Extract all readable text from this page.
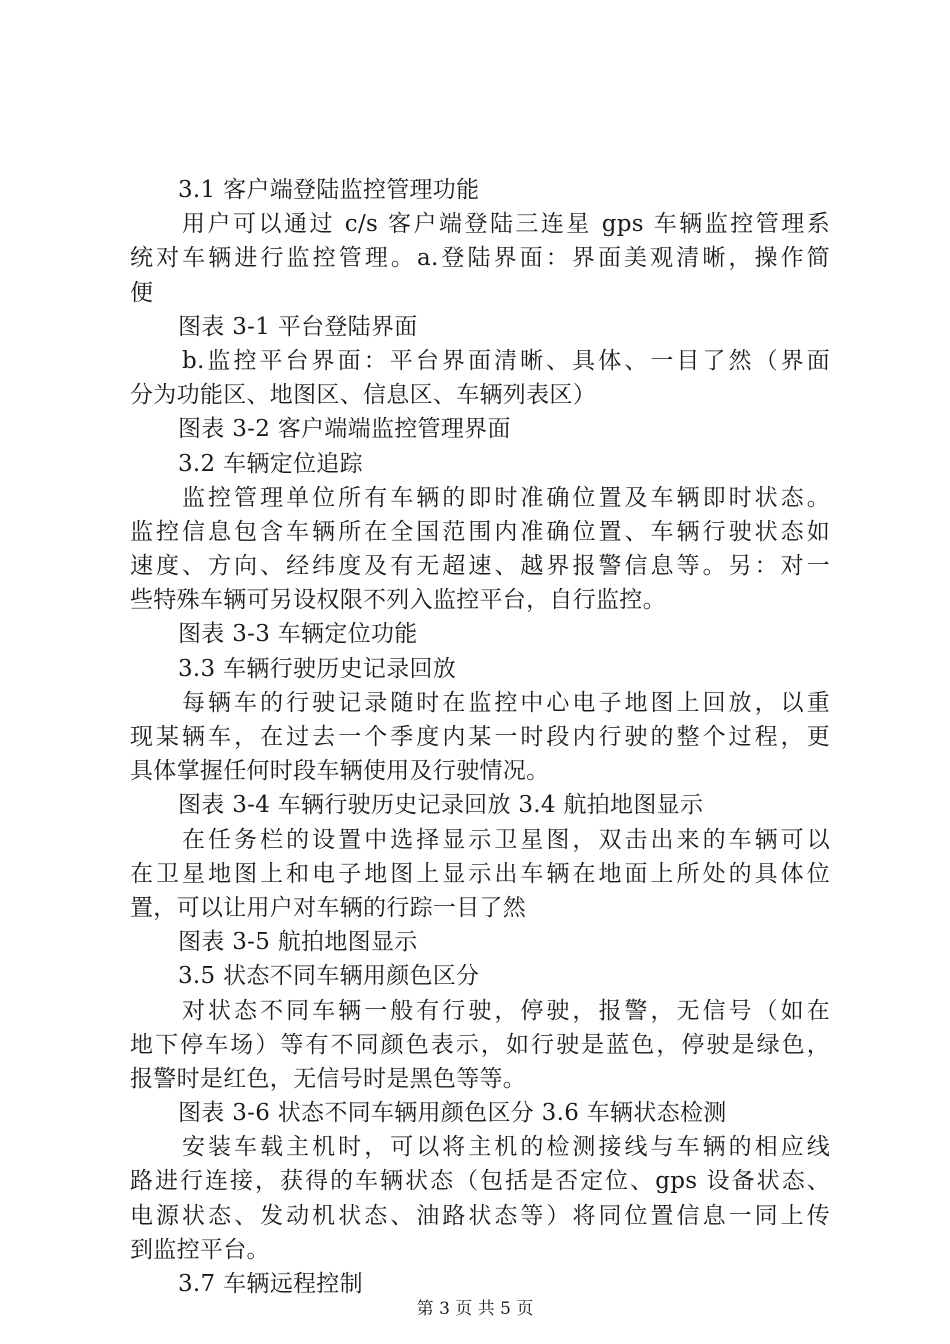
3.1 客户端登陆监控管理功能
用户可以通过 c/s 客户端登陆三连星 gps 车辆监控管理系
统对车辆进行监控管理。a.登陆界面：界面美观清晰，操作简
便
图表 3-1 平台登陆界面
b.监控平台界面：平台界面清晰、具体、一目了然（界面
分为功能区、地图区、信息区、车辆列表区）
图表 3-2 客户端端监控管理界面
3.2 车辆定位追踪
监控管理单位所有车辆的即时准确位置及车辆即时状态。
监控信息包含车辆所在全国范围内准确位置、车辆行驶状态如
速度、方向、经纬度及有无超速、越界报警信息等。另：对一
些特殊车辆可另设权限不列入监控平台，自行监控。
图表 3-3 车辆定位功能
3.3 车辆行驶历史记录回放
每辆车的行驶记录随时在监控中心电子地图上回放，以重
现某辆车，在过去一个季度内某一时段内行驶的整个过程，更
具体掌握任何时段车辆使用及行驶情况。
图表 3-4 车辆行驶历史记录回放 3.4 航拍地图显示
在任务栏的设置中选择显示卫星图，双击出来的车辆可以
在卫星地图上和电子地图上显示出车辆在地面上所处的具体位
置，可以让用户对车辆的行踪一目了然
图表 3-5 航拍地图显示
3.5 状态不同车辆用颜色区分
对状态不同车辆一般有行驶，停驶，报警，无信号（如在
地下停车场）等有不同颜色表示，如行驶是蓝色，停驶是绿色，
报警时是红色，无信号时是黑色等等。
图表 3-6 状态不同车辆用颜色区分 3.6 车辆状态检测
安装车载主机时，可以将主机的检测接线与车辆的相应线
路进行连接，获得的车辆状态（包括是否定位、gps 设备状态、
电源状态、发动机状态、油路状态等）将同位置信息一同上传
到监控平台。
3.7 车辆远程控制
第 3 页 共 5 页
